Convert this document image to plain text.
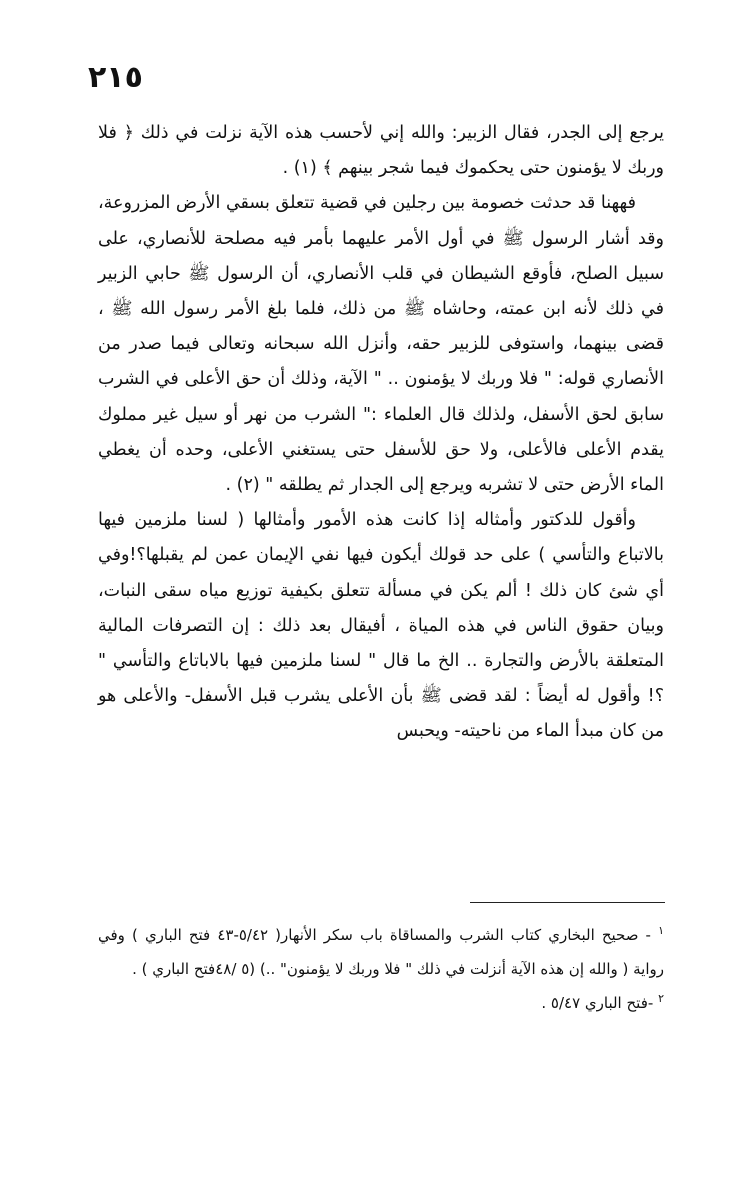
٢١٥

يرجع إلى الجدر، فقال الزبير: والله إني لأحسب هذه الآية نزلت في ذلك ﴿ فلا وربك لا يؤمنون حتى يحكموك فيما شجر بينهم ﴾ (١) .

فههنا قد حدثت خصومة بين رجلين في قضية تتعلق بسقي الأرض المزروعة، وقد أشار الرسول ﷺ في أول الأمر عليهما بأمر فيه مصلحة للأنصاري، على سبيل الصلح، فأوقع الشيطان في قلب الأنصاري، أن الرسول ﷺ حابي الزبير في ذلك لأنه ابن عمته، وحاشاه ﷺ من ذلك، فلما بلغ الأمر رسول الله ﷺ ، قضى بينهما، واستوفى للزبير حقه، وأنزل الله سبحانه وتعالى فيما صدر من الأنصاري قوله: " فلا وربك لا يؤمنون .. " الآية، وذلك أن حق الأعلى في الشرب سابق لحق الأسفل، ولذلك قال العلماء :" الشرب من نهر أو سيل غير مملوك يقدم الأعلى فالأعلى، ولا حق للأسفل حتى يستغني الأعلى، وحده أن يغطي الماء الأرض حتى لا تشربه ويرجع إلى الجدار ثم يطلقه " (٢) .

وأقول للدكتور وأمثاله إذا كانت هذه الأمور وأمثالها ( لسنا ملزمين فيها بالاتباع والتأسي ) على حد قولك أيكون فيها نفي الإيمان عمن لم يقبلها؟!وفي أي شئ كان ذلك ! ألم يكن في مسألة تتعلق بكيفية توزيع مياه سقى النبات، وبيان حقوق الناس في هذه المياة ، أفيقال بعد ذلك : إن التصرفات المالية المتعلقة بالأرض والتجارة .. الخ ما قال " لسنا ملزمين فيها بالاباتاع والتأسي " ؟! وأقول له أيضاً : لقد قضى ﷺ بأن الأعلى يشرب قبل الأسفل- والأعلى هو من كان مبدأ الماء من ناحيته- ويحبس

$^١$ - صحيح البخاري كتاب الشرب والمساقاة باب سكر الأنهار( ٥/٤٢-٤٣ فتح الباري ) وفي رواية ( والله إن هذه الآية أنزلت في ذلك " فلا وربك لا يؤمنون" ..) (٥ /٤٨فتح الباري ) .

$^٢$ -فتح الباري ٥/٤٧ .
